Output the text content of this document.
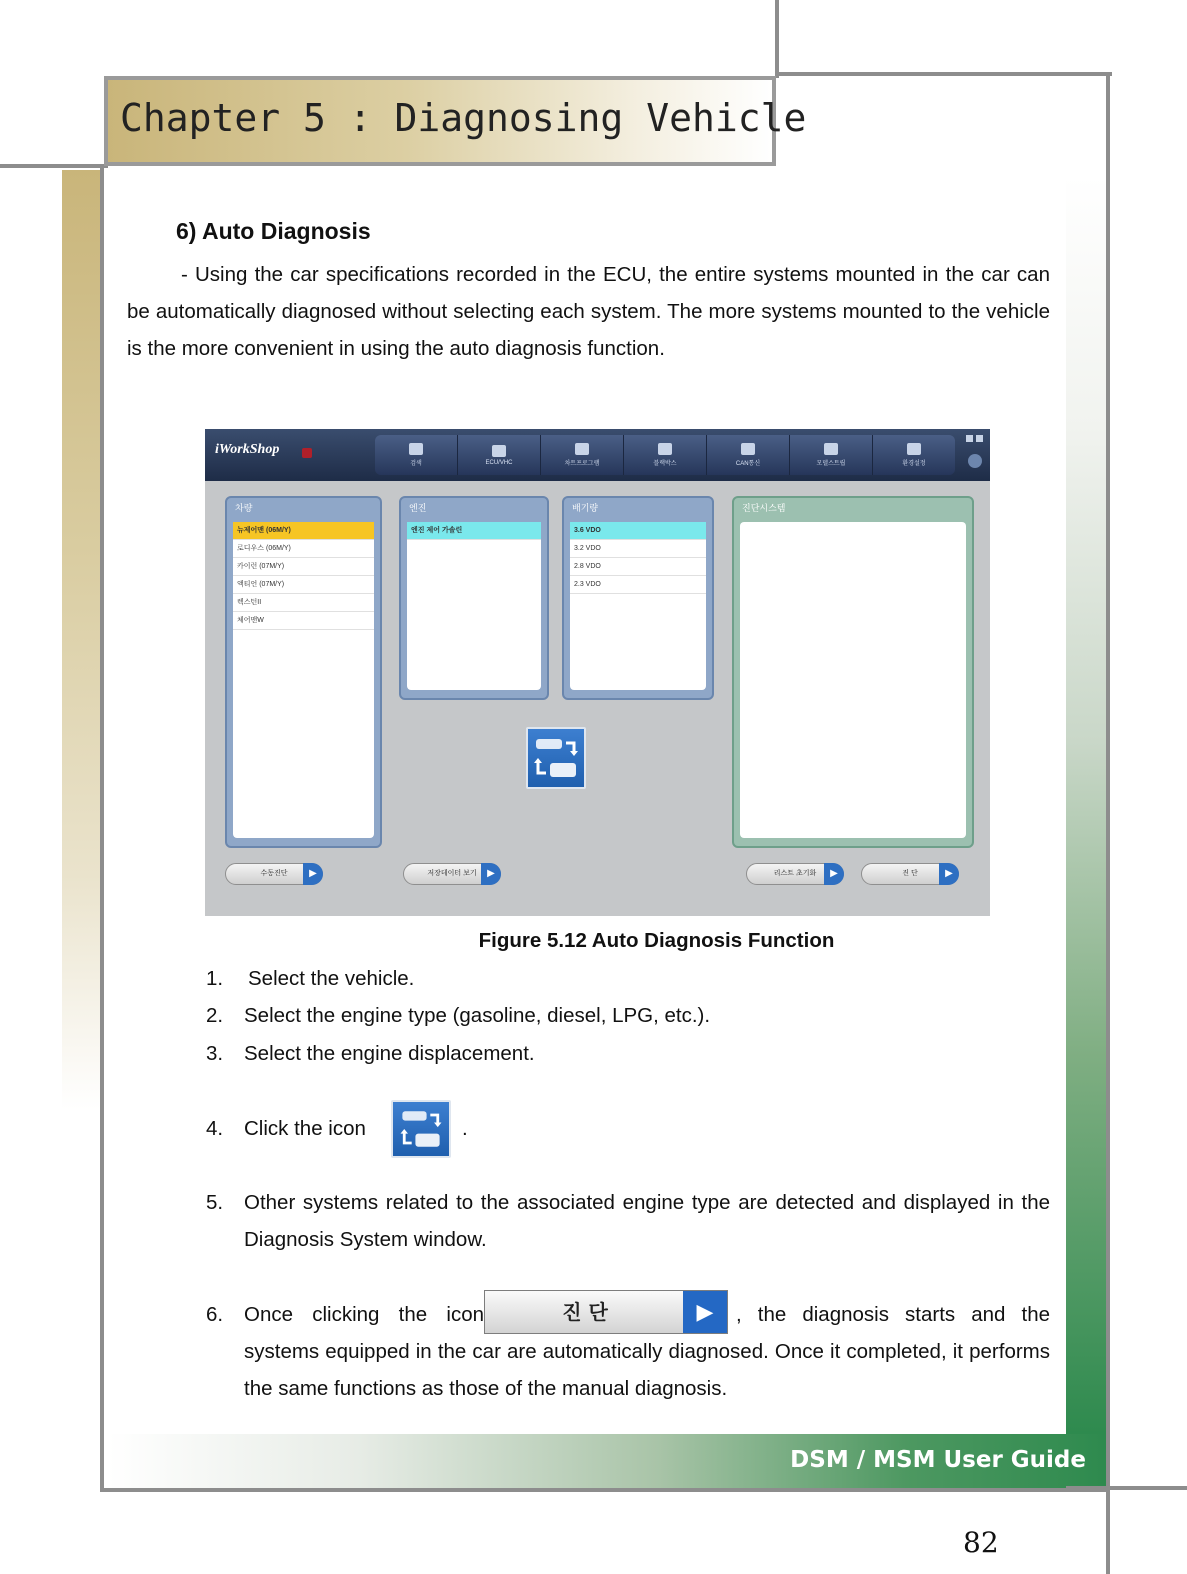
Chapter 5 : Diagnosing Vehicle
6) Auto Diagnosis
- Using the car specifications recorded in the ECU, the entire systems mounted in the car can be automatically diagnosed without selecting each system. The more systems mounted to the vehicle is the more convenient in using the auto diagnosis function.
iWorkShop
검색	ECU/VHC	차트프로그램	블랙박스	CAN통신	모델스트립	환경설정
차량
뉴제어맨 (06M/Y)
로디우스 (06M/Y)
카이런 (07M/Y)
액티언 (07M/Y)
렉스턴II
체어맨W
엔진
엔진 제어 가솔린
배기량
3.6 VDO
3.2 VDO
2.8 VDO
2.3 VDO
진단시스템
수동진단	▶	저장데이터 보기	▶	리스트 초기화	▶	진 단	▶
Figure 5.12 Auto Diagnosis Function
1.	Select the vehicle.
2.	Select the engine type (gasoline, diesel, LPG, etc.).
3.	Select the engine displacement.
4.	Click the icon	.
5.	Other systems related to the associated engine type are detected and displayed in the Diagnosis System window.
6.	Once clicking the icon	진 단	▶	, the diagnosis starts and the systems equipped in the car are automatically diagnosed. Once it completed, it performs the same functions as those of the manual diagnosis.
DSM / MSM User Guide
82
